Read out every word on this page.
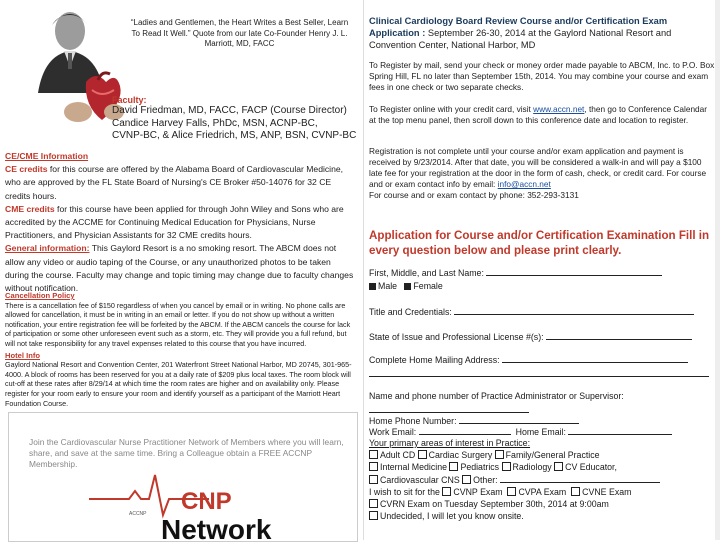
“Ladies and Gentlemen, the Heart Writes a Best Seller, Learn To Read It Well.” Quote from our late Co-Founder Henry J. L. Marriott, MD, FACC
Faculty:
David Friedman, MD, FACC, FACP (Course Director)
Candice Harvey Falls, PhDc, MSN, ACNP-BC,
CVNP-BC, & Alice Friedrich, MS, ANP, BSN, CVNP-BC
CE/CME Information
CE credits for this course are offered by the Alabama Board of Cardiovascular Medicine, who are approved by the FL State Board of Nursing's CE Broker #50-14076 for 32 CE credits hours.
CME credits for this course have been applied for through John Wiley and Sons who are accredited by the ACCME for Continuing Medical Education for Physicians, Nurse Practitioners, and Physician Assistants for 32 CME credits hours.
General information: This Gaylord Resort is a no smoking resort. The ABCM does not allow any video or audio taping of the Course, or any unauthorized photos to be taken during the course. Faculty may change and topic timing may change due to faculty changes without notification.
Cancellation Policy

There is a cancellation fee of $150 regardless of when you cancel by email or in writing. No phone calls are allowed for cancellation, it must be in writing in an email or letter. If you do not show up without a written notification, your entire registration fee will be forfeited by the ABCM. If the ABCM cancels the course for lack of participation or some other unforeseen event such as a storm, etc. They will provide you a full refund, but will not take responsibility for any travel expenses related to this course that you have incurred.

Hotel Info

Gaylord National Resort and Convention Center, 201 Waterfront Street National Harbor, MD 20745, 301-965-4000. A block of rooms has been reserved for you at a daily rate of $209 plus local taxes. The room block will cut-off at these rates after 8/29/14 at which time the room rates are higher and on availability only. Please register for your room early to ensure your room and identify yourself as a participant of the Marriott Heart Foundation Course.

Join the Cardiovascular Nurse Practitioner Network of Members where you will learn, share, and save at the same time. Bring a Colleague obtain a FREE ACCNP Membership.
ACCNP CNP
Network
Clinical Cardiology Board Review Course and/or Certification Exam
Application : September 26-30, 2014 at the Gaylord National Resort and Convention Center, National Harbor, MD
To Register by mail, send your check or money order made payable to ABCM, Inc. to P.O. Box Spring Hill, FL no later than September 15th, 2014. You may combine your course and exam fees in one check or two separate checks.
To Register online with your credit card, visit www.accn.net, then go to Conference Calendar at the top menu panel, then scroll down to this conference date and location to register.
Registration is not complete until your course and/or exam application and payment is received by 9/23/2014. After that date, you will be considered a walk-in and will pay a $100 late fee for your registration at the door in the form of cash, check, or credit card. For course and or exam contact info by email: info@accn.net
For course and or exam contact by phone: 352-293-3131
Application for Course and/or Certification Examination Fill in every question below and please print clearly.
First, Middle, and Last Name:
Male Female
Title and Credentials:
State of Issue and Professional License #(s):
Complete Home Mailing Address:
Name and phone number of Practice Administrator or Supervisor:
Home Phone Number:
Work Email:	Home Email:
Your primary areas of interest in Practice:
Adult CD Cardiac Surgery Family/General Practice
Internal Medicine Pediatrics Radiology CV Educator,
Cardiovascular CNS Other:
I wish to sit for the CVNP Exam CVPA Exam CVNE Exam
CVRN Exam on Tuesday September 30th, 2014 at 9:00am
Undecided, I will let you know onsite.
